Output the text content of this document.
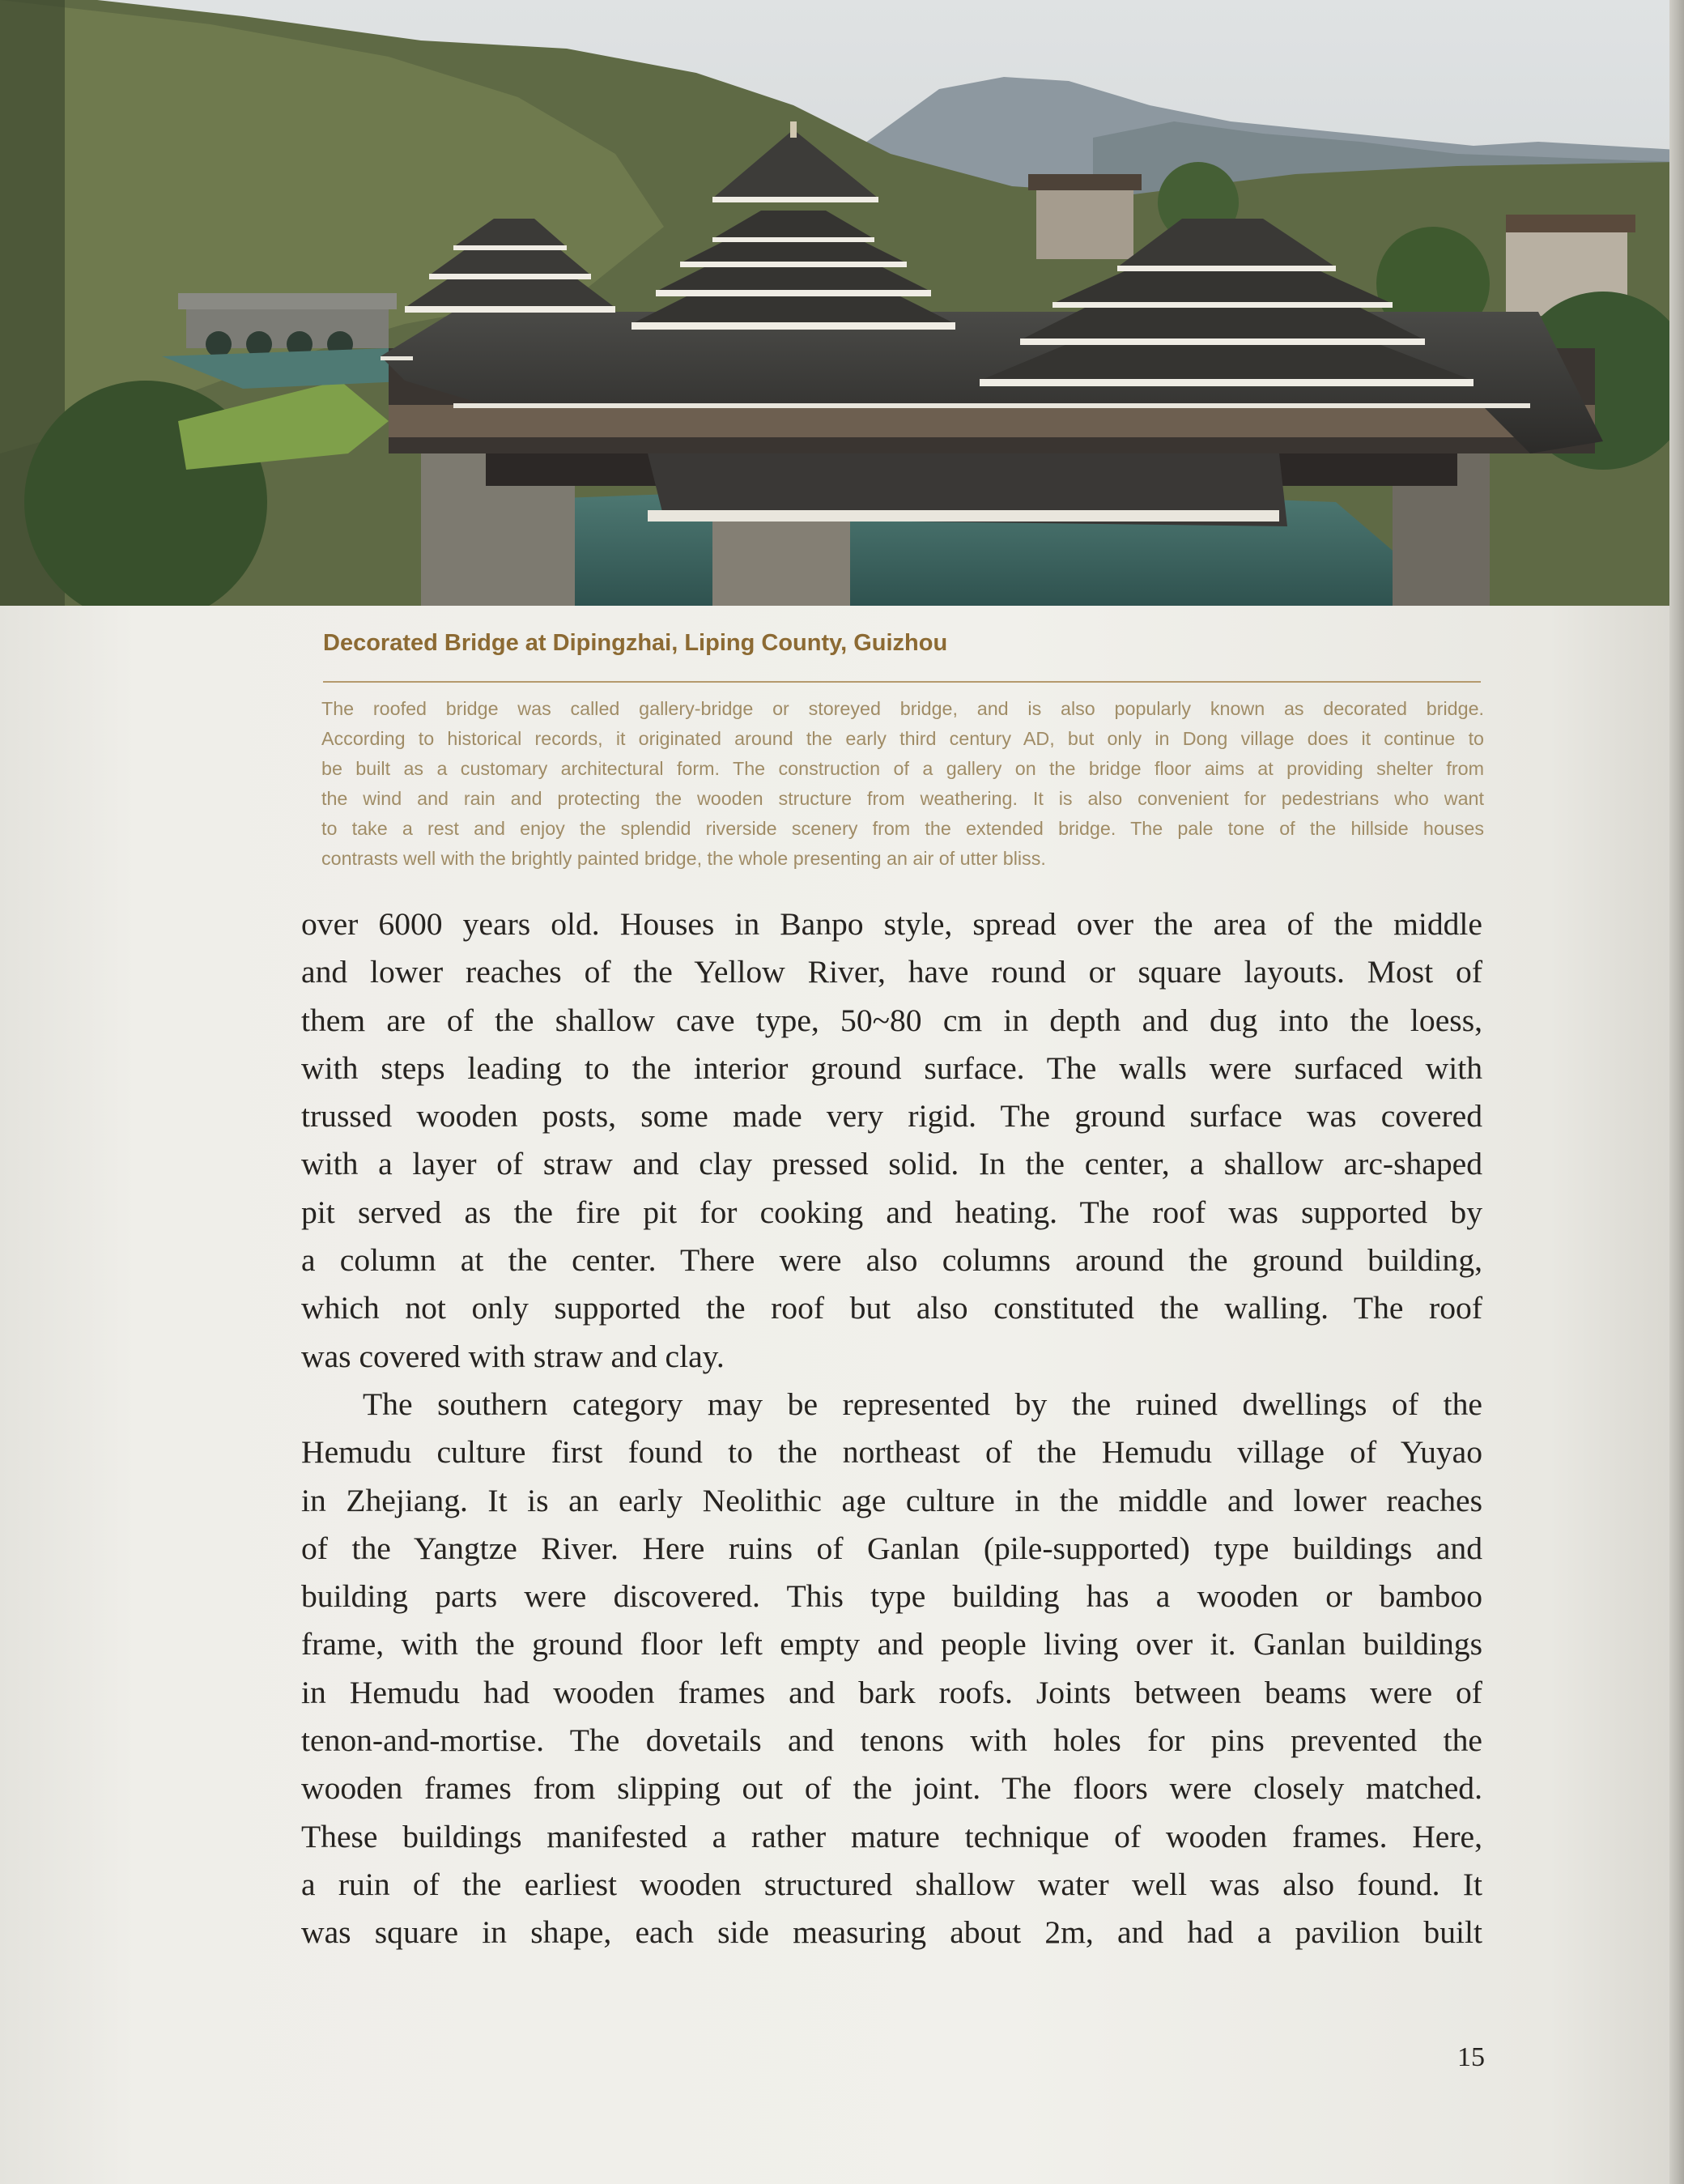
Decorated Bridge at Dipingzhai, Liping County, Guizhou
The roofed bridge was called gallery-bridge or storeyed bridge, and is also popularly known as decorated bridge.
According to historical records, it originated around the early third century AD, but only in Dong village does it continue to
be built as a customary architectural form. The construction of a gallery on the bridge floor aims at providing shelter from
the wind and rain and protecting the wooden structure from weathering. It is also convenient for pedestrians who want
to take a rest and enjoy the splendid riverside scenery from the extended bridge. The pale tone of the hillside houses
contrasts well with the brightly painted bridge, the whole presenting an air of utter bliss.
over 6000 years old. Houses in Banpo style, spread over the area of the middle
and lower reaches of the Yellow River, have round or square layouts. Most of
them are of the shallow cave type, 50~80 cm in depth and dug into the loess,
with steps leading to the interior ground surface. The walls were surfaced with
trussed wooden posts, some made very rigid. The ground surface was covered
with a layer of straw and clay pressed solid. In the center, a shallow arc-shaped
pit served as the fire pit for cooking and heating. The roof was supported by
a column at the center. There were also columns around the ground building,
which not only supported the roof but also constituted the walling. The roof
was covered with straw and clay.
The southern category may be represented by the ruined dwellings of the
Hemudu culture first found to the northeast of the Hemudu village of Yuyao
in Zhejiang. It is an early Neolithic age culture in the middle and lower reaches
of the Yangtze River. Here ruins of Ganlan (pile-supported) type buildings and
building parts were discovered. This type building has a wooden or bamboo
frame, with the ground floor left empty and people living over it. Ganlan buildings
in Hemudu had wooden frames and bark roofs. Joints between beams were of
tenon-and-mortise. The dovetails and tenons with holes for pins prevented the
wooden frames from slipping out of the joint. The floors were closely matched.
These buildings manifested a rather mature technique of wooden frames. Here,
a ruin of the earliest wooden structured shallow water well was also found. It
was square in shape, each side measuring about 2m, and had a pavilion built
15
